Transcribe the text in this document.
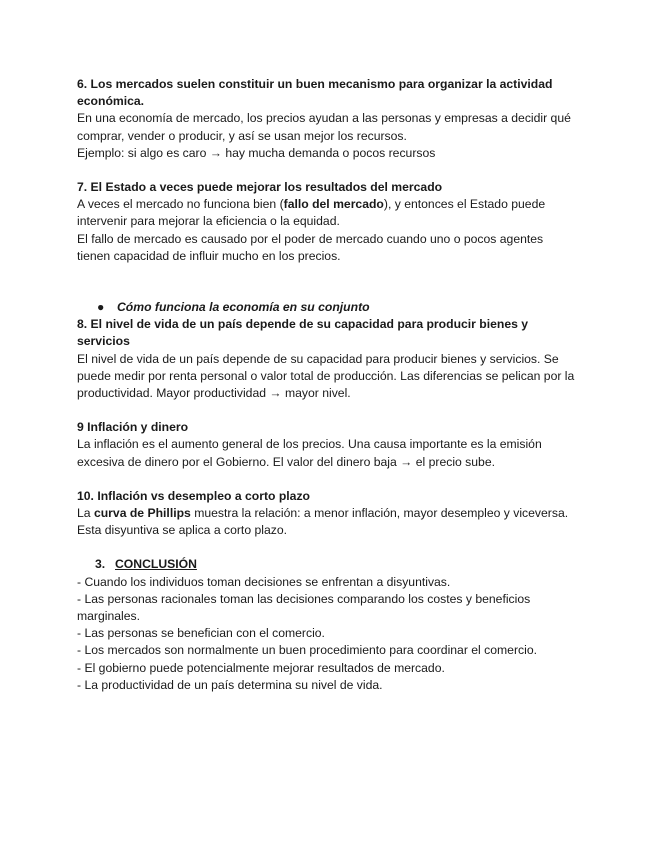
6. Los mercados suelen constituir un buen mecanismo para organizar la actividad económica.

En una economía de mercado, los precios ayudan a las personas y empresas a decidir qué comprar, vender o producir, y así se usan mejor los recursos.

Ejemplo: si algo es caro → hay mucha demanda o pocos recursos

7. El Estado a veces puede mejorar los resultados del mercado

A veces el mercado no funciona bien (fallo del mercado), y entonces el Estado puede intervenir para mejorar la eficiencia o la equidad.

El fallo de mercado es causado por el poder de mercado cuando uno o pocos agentes tienen capacidad de influir mucho en los precios.

● Cómo funciona la economía en su conjunto
8. El nivel de vida de un país depende de su capacidad para producir bienes y servicios

El nivel de vida de un país depende de su capacidad para producir bienes y servicios. Se puede medir por renta personal o valor total de producción. Las diferencias se pelican por la productividad. Mayor productividad → mayor nivel.

9 Inflación y dinero

La inflación es el aumento general de los precios. Una causa importante es la emisión excesiva de dinero por el Gobierno. El valor del dinero baja → el precio sube.

10. Inflación vs desempleo a corto plazo

La curva de Phillips muestra la relación: a menor inflación, mayor desempleo y viceversa. Esta disyuntiva se aplica a corto plazo.

3. CONCLUSIÓN

- Cuando los individuos toman decisiones se enfrentan a disyuntivas.

- Las personas racionales toman las decisiones comparando los costes y beneficios marginales.

- Las personas se benefician con el comercio.

- Los mercados son normalmente un buen procedimiento para coordinar el comercio.

- El gobierno puede potencialmente mejorar resultados de mercado.

- La productividad de un país determina su nivel de vida.
